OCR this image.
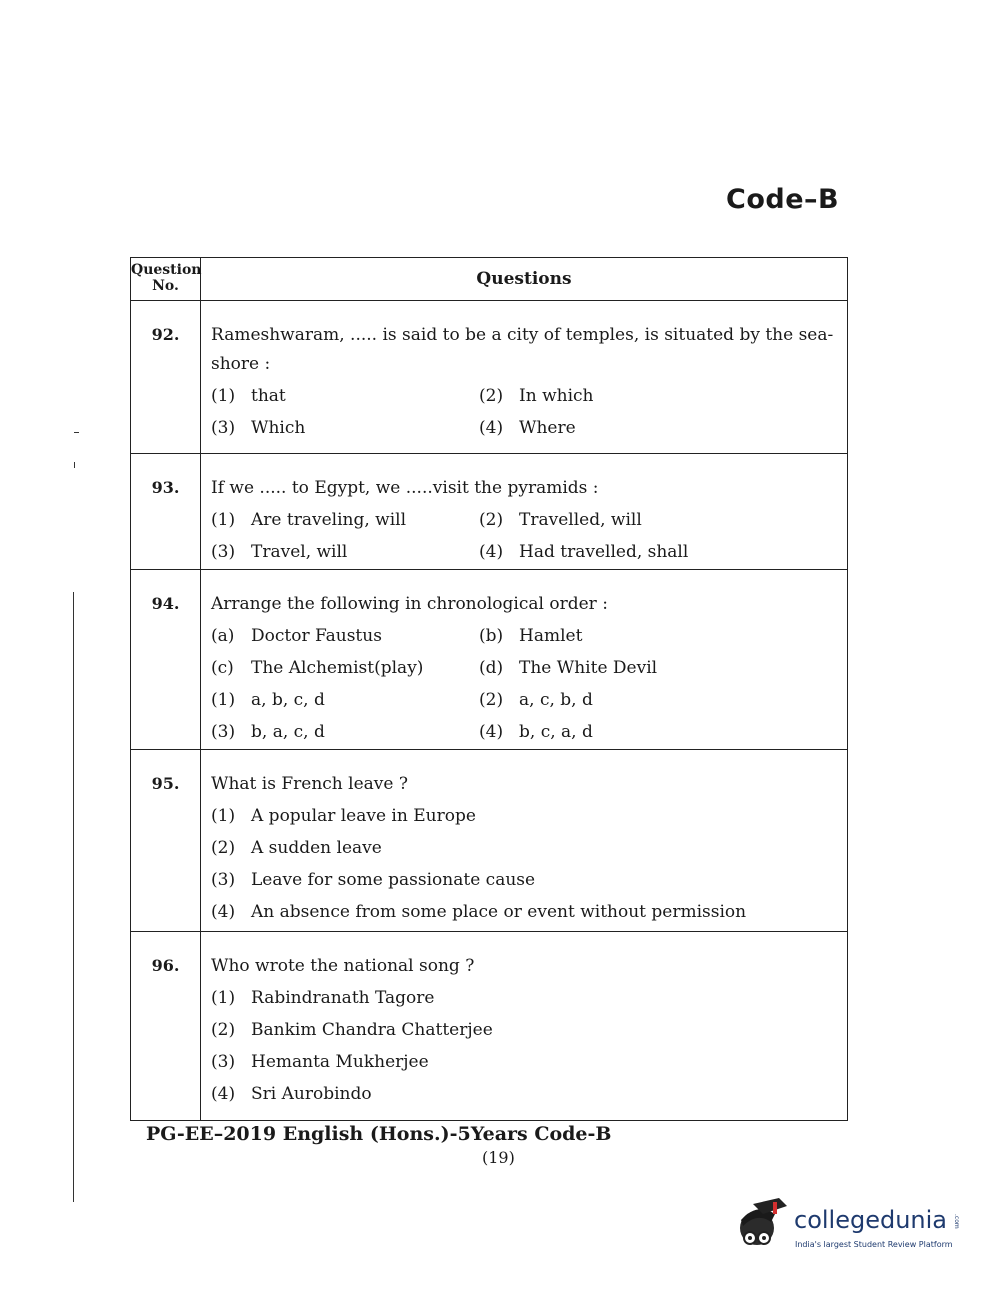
Code–B
Question No.	Questions
92.	Rameshwaram, ..... is said to be a city of temples, is situated by the sea-shore :
(1) that	(2) In which
(3) Which	(4) Where
93.	If we ..... to Egypt, we .....visit the pyramids :
(1) Are traveling, will	(2) Travelled, will
(3) Travel, will	(4) Had travelled, shall
94.	Arrange the following in chronological order :
(a) Doctor Faustus	(b) Hamlet
(c) The Alchemist(play)	(d) The White Devil
(1) a, b, c, d	(2) a, c, b, d
(3) b, a, c, d	(4) b, c, a, d
95.	What is French leave ?
(1) A popular leave in Europe
(2) A sudden leave
(3) Leave for some passionate cause
(4) An absence from some place or event without permission
96.	Who wrote the national song ?
(1) Rabindranath Tagore
(2) Bankim Chandra Chatterjee
(3) Hemanta Mukherjee
(4) Sri Aurobindo
PG-EE–2019 English (Hons.)-5Years Code-B
(19)
collegedunia .com
India's largest Student Review Platform
